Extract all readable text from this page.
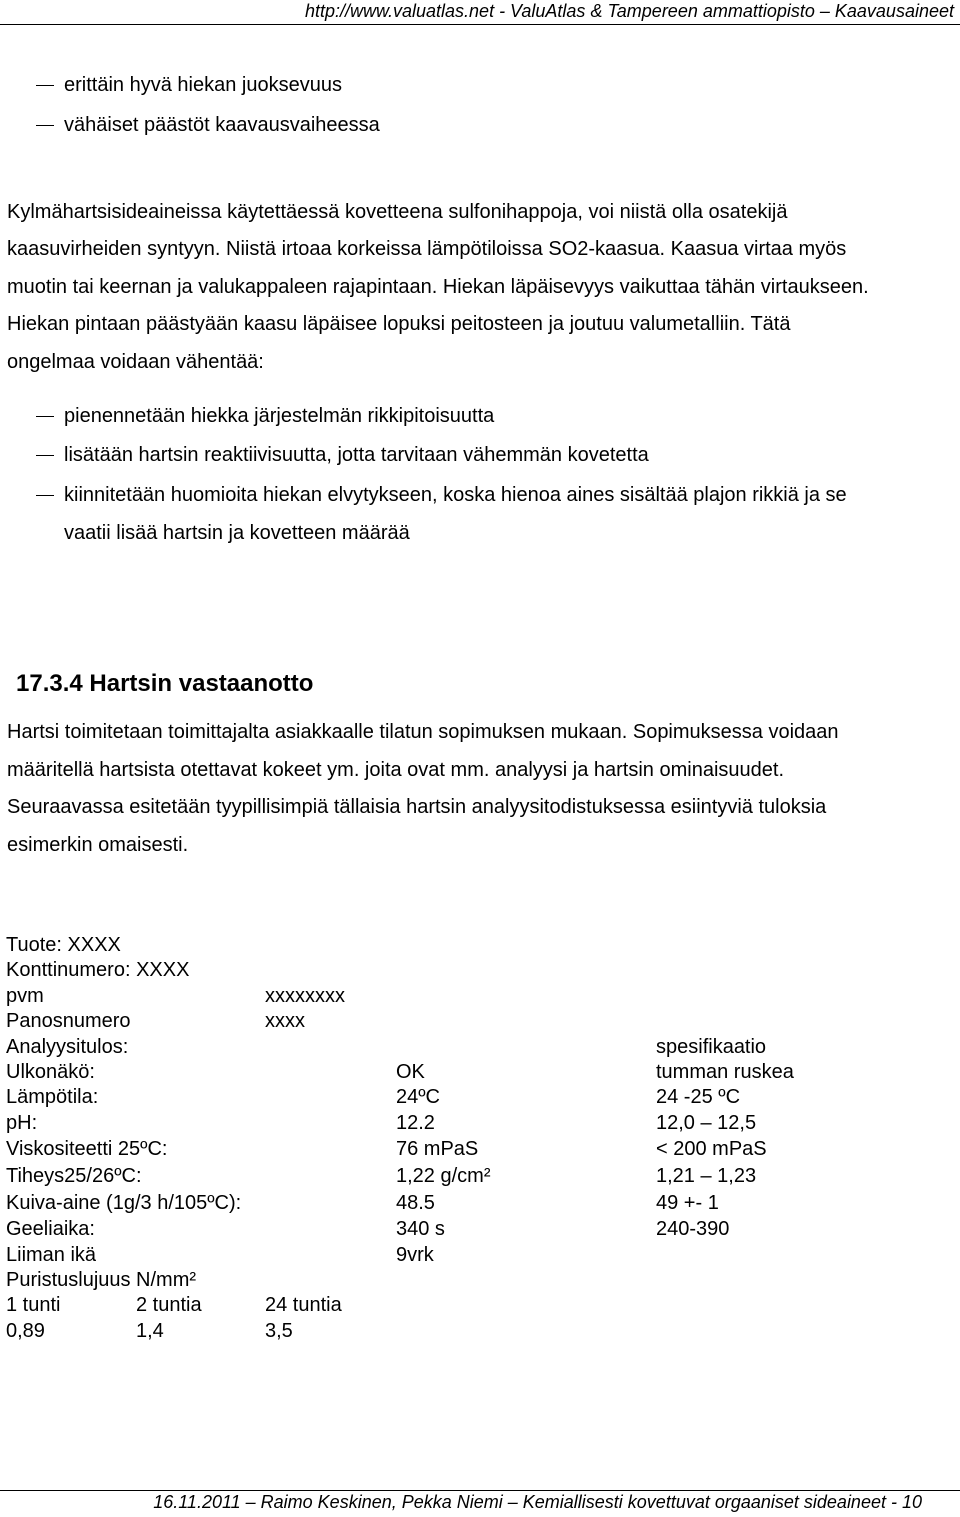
http://www.valuatlas.net - ValuAtlas & Tampereen ammattiopisto – Kaavausaineet
erittäin hyvä hiekan juoksevuus
vähäiset päästöt kaavausvaiheessa
Kylmähartsisideaineissa käytettäessä kovetteena sulfonihappoja, voi niistä olla osatekijä
kaasuvirheiden syntyyn. Niistä irtoaa korkeissa lämpötiloissa SO2-kaasua. Kaasua virtaa myös
muotin tai keernan ja valukappaleen rajapintaan. Hiekan läpäisevyys vaikuttaa tähän virtaukseen.
Hiekan pintaan päästyään kaasu läpäisee lopuksi peitosteen ja joutuu valumetalliin. Tätä
ongelmaa voidaan vähentää:
pienennetään hiekka järjestelmän rikkipitoisuutta
lisätään hartsin reaktiivisuutta, jotta tarvitaan vähemmän kovetetta
kiinnitetään huomioita hiekan elvytykseen, koska hienoa aines sisältää plajon rikkiä ja se
vaatii lisää hartsin ja kovetteen määrää
17.3.4 Hartsin vastaanotto
Hartsi toimitetaan toimittajalta asiakkaalle tilatun sopimuksen mukaan. Sopimuksessa voidaan
määritellä hartsista otettavat kokeet ym. joita ovat mm. analyysi ja hartsin ominaisuudet.
Seuraavassa esitetään tyypillisimpiä tällaisia hartsin analyysitodistuksessa esiintyviä tuloksia
esimerkin omaisesti.
Tuote: XXXX
Konttinumero: XXXX
pvm	xxxxxxxx
Panosnumero	xxxx
Analyysitulos:	spesifikaatio
Ulkonäkö:	OK	tumman ruskea
Lämpötila:	24ºC	24 -25 ºC
pH:	12.2	12,0 – 12,5
Viskositeetti 25ºC:	76 mPaS	< 200 mPaS
Tiheys25/26ºC:	1,22 g/cm²	1,21 – 1,23
Kuiva-aine (1g/3 h/105ºC):	48.5	49 +- 1
Geeliaika:	340 s	240-390
Liiman ikä	9vrk
Puristuslujuus N/mm²
1 tunti	2 tuntia	24 tuntia
0,89	1,4	3,5
16.11.2011 – Raimo Keskinen, Pekka Niemi – Kemiallisesti kovettuvat orgaaniset sideaineet - 10
